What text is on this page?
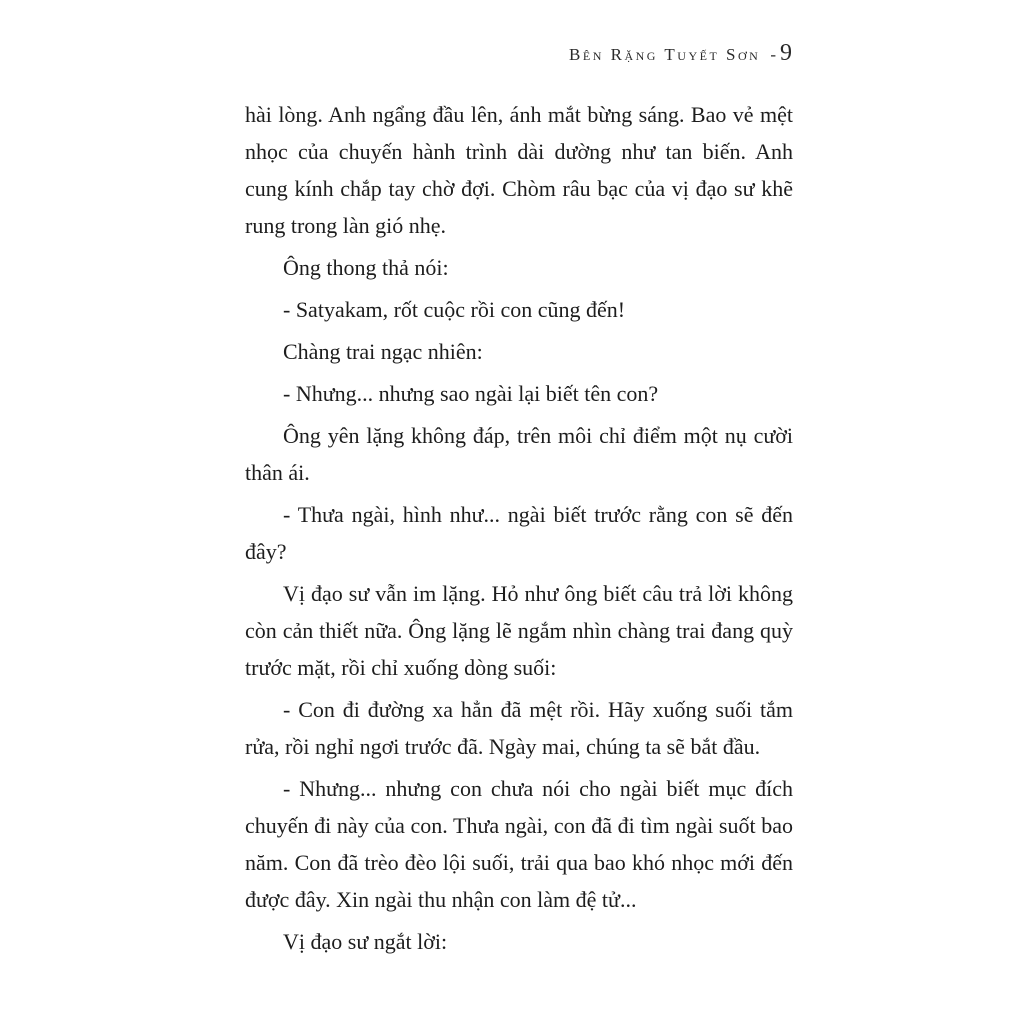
Bên Rặng Tuyết Sơn - 9

hài lòng. Anh ngẩng đầu lên, ánh mắt bừng sáng. Bao vẻ mệt nhọc của chuyến hành trình dài dường như tan biến. Anh cung kính chắp tay chờ đợi. Chòm râu bạc của vị đạo sư khẽ rung trong làn gió nhẹ.

Ông thong thả nói:

- Satyakam, rốt cuộc rồi con cũng đến!

Chàng trai ngạc nhiên:

- Nhưng... nhưng sao ngài lại biết tên con?

Ông yên lặng không đáp, trên môi chỉ điểm một nụ cười thân ái.

- Thưa ngài, hình như... ngài biết trước rằng con sẽ đến đây?

Vị đạo sư vẫn im lặng. Hỏ như ông biết câu trả lời không còn cản thiết nữa. Ông lặng lẽ ngắm nhìn chàng trai đang quỳ trước mặt, rồi chỉ xuống dòng suối:

- Con đi đường xa hẳn đã mệt rồi. Hãy xuống suối tắm rửa, rồi nghỉ ngơi trước đã. Ngày mai, chúng ta sẽ bắt đầu.

- Nhưng... nhưng con chưa nói cho ngài biết mục đích chuyến đi này của con. Thưa ngài, con đã đi tìm ngài suốt bao năm. Con đã trèo đèo lội suối, trải qua bao khó nhọc mới đến được đây. Xin ngài thu nhận con làm đệ tử...

Vị đạo sư ngắt lời:
